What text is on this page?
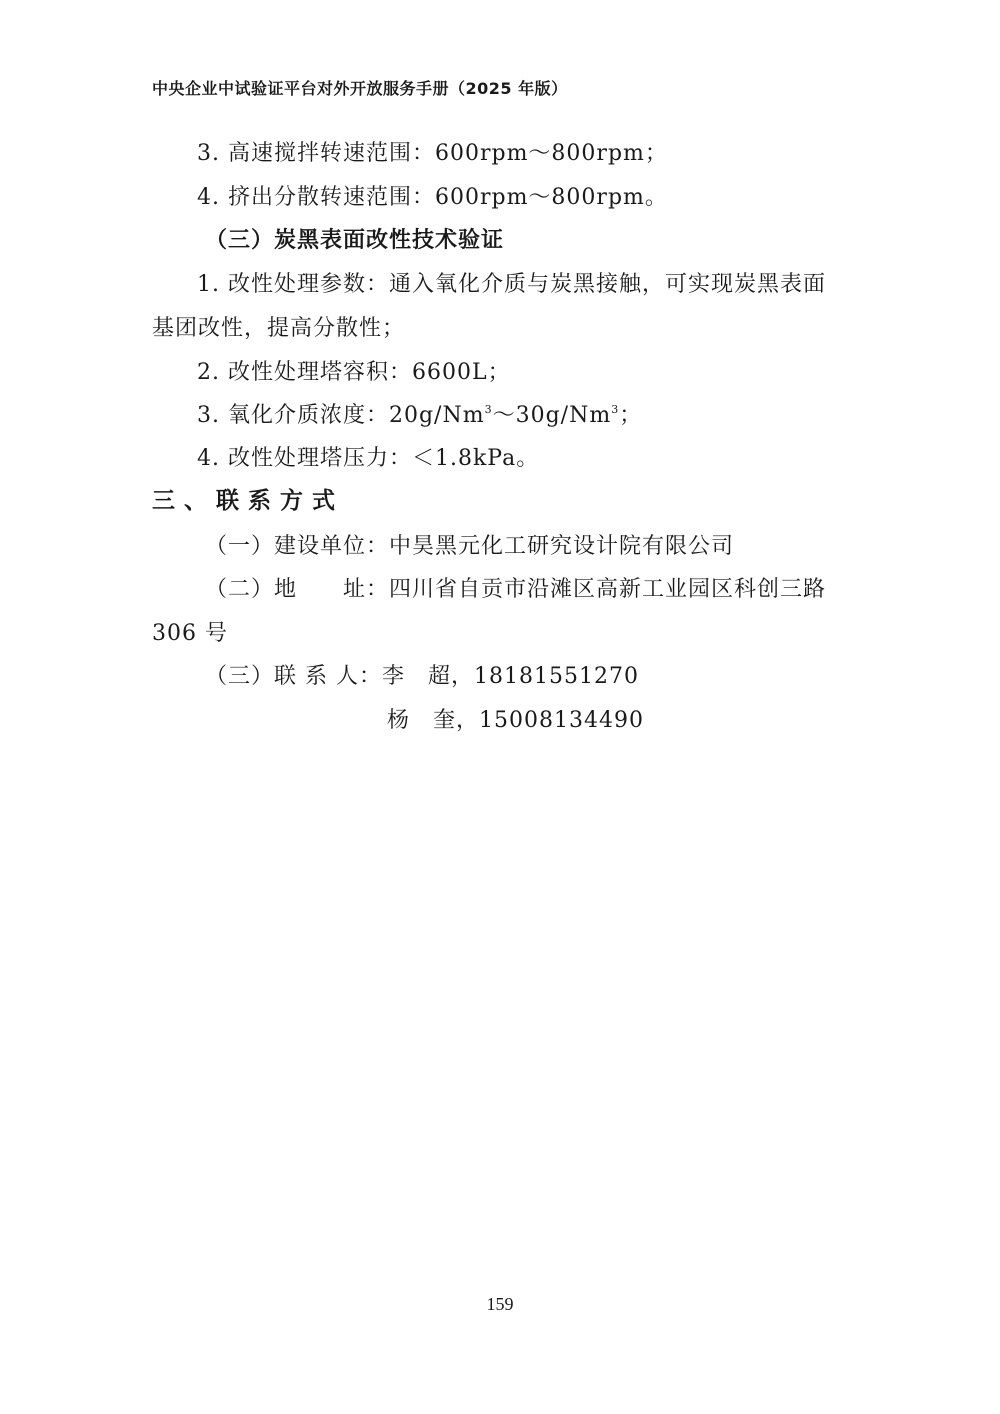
中央企业中试验证平台对外开放服务手册（2025 年版）
3. 高速搅拌转速范围：600rpm～800rpm；
4. 挤出分散转速范围：600rpm～800rpm。
（三）炭黑表面改性技术验证
1. 改性处理参数：通入氧化介质与炭黑接触，可实现炭黑表面
基团改性，提高分散性；
2. 改性处理塔容积：6600L；
3. 氧化介质浓度：20g/Nm$^3$～30g/Nm$^3$；
4. 改性处理塔压力：＜1.8kPa。
三、联系方式
（一）建设单位：中昊黑元化工研究设计院有限公司
（二）地 址：四川省自贡市沿滩区高新工业园区科创三路
306 号
（三）联 系 人：李　超，18181551270
杨　奎，15008134490
159
